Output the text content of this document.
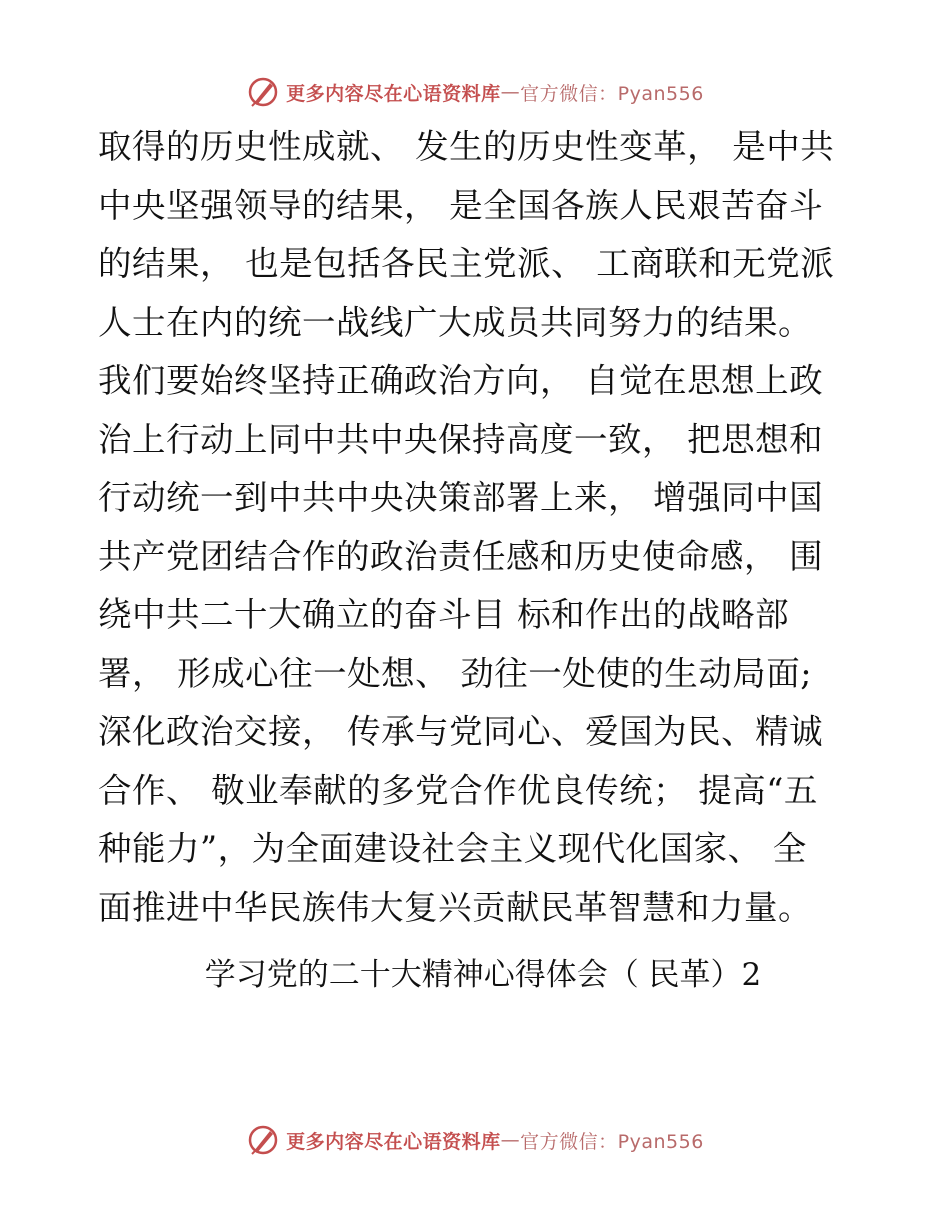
更多内容尽在心语资料库 — 官方微信：Pyan556
取得的历史性成就、 发生的历史性变革， 是中共
中央坚强领导的结果， 是全国各族人民艰苦奋斗
的结果， 也是包括各民主党派、 工商联和无党派
人士在内的统一战线广大成员共同努力的结果。
我们要始终坚持正确政治方向， 自觉在思想上政
治上行动上同中共中央保持高度一致， 把思想和
行动统一到中共中央决策部署上来， 增强同中国
共产党团结合作的政治责任感和历史使命感， 围
绕中共二十大确立的奋斗目 标和作出的战略部
署， 形成心往一处想、 劲往一处使的生动局面;
深化政治交接， 传承与党同心、爱国为民、精诚
合作、 敬业奉献的多党合作优良传统； 提高“五
种能力”，为全面建设社会主义现代化国家、 全
面推进中华民族伟大复兴贡献民革智慧和力量。
学习党的二十大精神心得体会（ 民革）2
更多内容尽在心语资料库 — 官方微信：Pyan556
